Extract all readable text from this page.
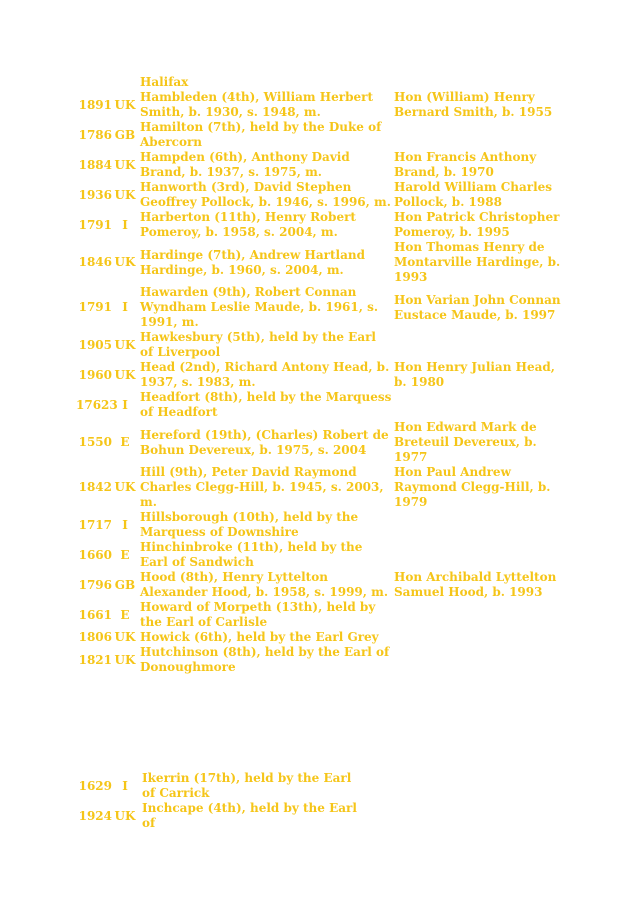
Halifax
1891 UK
Hambleden (4th), William Herbert Smith, b. 1930, s. 1948, m.
Hon (William) Henry Bernard Smith, b. 1955
1786 GB
Hamilton (7th), held by the Duke of Abercorn
1884 UK
Hampden (6th), Anthony David Brand, b. 1937, s. 1975, m.
Hon Francis Anthony Brand, b. 1970
1936 UK
Hanworth (3rd), David Stephen Geoffrey Pollock, b. 1946, s. 1996, m.
Harold William Charles Pollock, b. 1988
1791 I
Harberton (11th), Henry Robert Pomeroy, b. 1958, s. 2004, m.
Hon Patrick Christopher Pomeroy, b. 1995
1846 UK
Hardinge (7th), Andrew Hartland Hardinge, b. 1960, s. 2004, m.
Hon Thomas Henry de Montarville Hardinge, b. 1993
1791 I
Hawarden (9th), Robert Connan Wyndham Leslie Maude, b. 1961, s. 1991, m.
Hon Varian John Connan Eustace Maude, b. 1997
1905 UK
Hawkesbury (5th), held by the Earl of Liverpool
1960 UK
Head (2nd), Richard Antony Head, b. 1937, s. 1983, m.
Hon Henry Julian Head, b. 1980
17623 I
Headfort (8th), held by the Marquess of Headfort
1550 E
Hereford (19th), (Charles) Robert de Bohun Devereux, b. 1975, s. 2004
Hon Edward Mark de Breteuil Devereux, b. 1977
1842 UK
Hill (9th), Peter David Raymond Charles Clegg-Hill, b. 1945, s. 2003, m.
Hon Paul Andrew Raymond Clegg-Hill, b. 1979
1717 I
Hillsborough (10th), held by the Marquess of Downshire
1660 E
Hinchinbroke (11th), held by the Earl of Sandwich
1796 GB
Hood (8th), Henry Lyttelton Alexander Hood, b. 1958, s. 1999, m.
Hon Archibald Lyttelton Samuel Hood, b. 1993
1661 E
Howard of Morpeth (13th), held by the Earl of Carlisle
1806 UK Howick (6th), held by the Earl Grey
1821 UK
Hutchinson (8th), held by the Earl of Donoughmore
1629 I
Ikerrin (17th), held by the Earl of Carrick
1924 UK
Inchcape (4th), held by the Earl of
